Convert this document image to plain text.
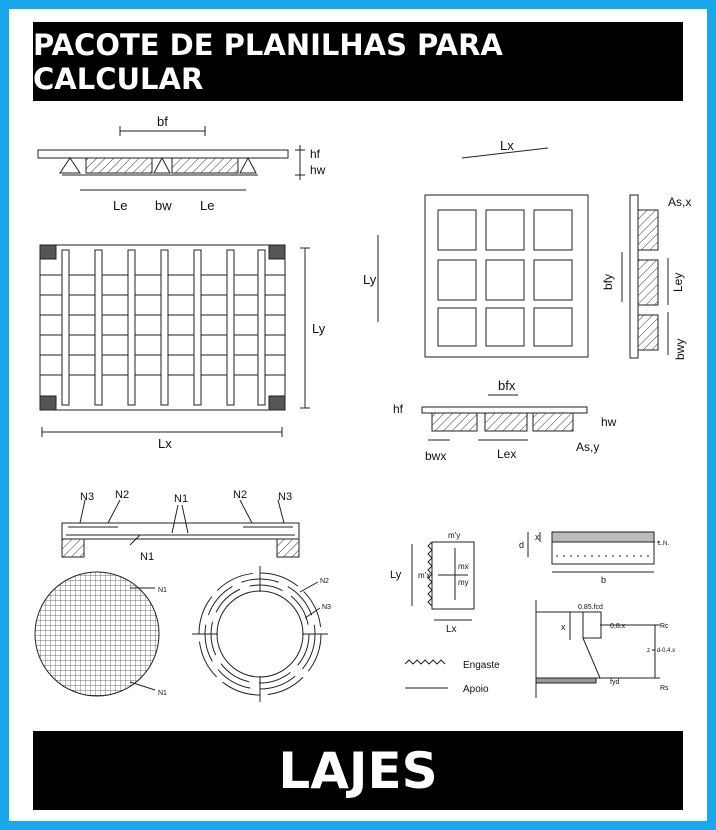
PACOTE DE PLANILHAS PARA CALCULAR
bf
hf
hw
Le bw Le
Ly
Lx
Lx
Ly	bfy	Ley
bwy
As,x
bfx
hf
hw
bwx	Lex	As,y
N3 N2	N1	N2	N3
N1
N1
N1
N2
N3
m'y
m'x
mx
my
Ly
Lx
Engaste
Apoio
d
x
L.N.
b
0.85.fcd
0,8.x	Rc
z = d-0,4.x
fyd
Rs
x
LAJES
